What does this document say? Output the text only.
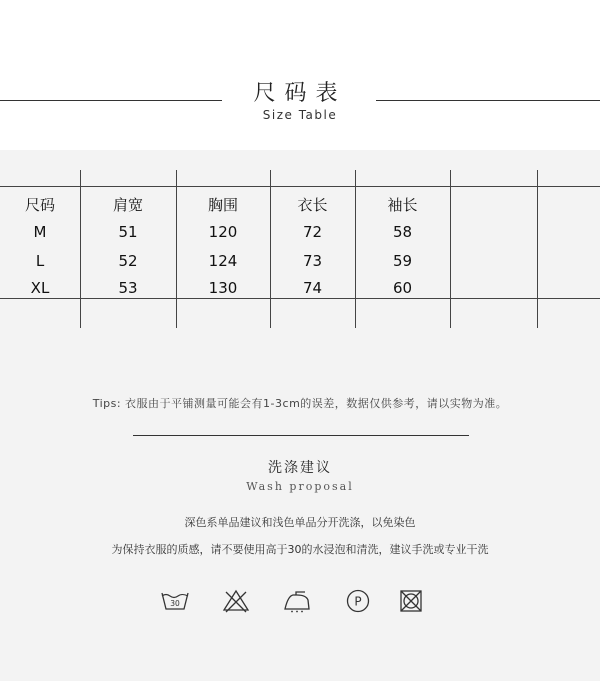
尺码表
Size Table
尺码	肩宽	胸围	衣长	袖长
M	51	120	72	58
L	52	124	73	59
XL	53	130	74	60
Tips: 衣服由于平铺测量可能会有1-3cm的误差，数据仅供参考，请以实物为准。
洗涤建议
Wash proposal
深色系单品建议和浅色单品分开洗涤，以免染色
为保持衣服的质感，请不要使用高于30的水浸泡和清洗，建议手洗或专业干洗
30	P
